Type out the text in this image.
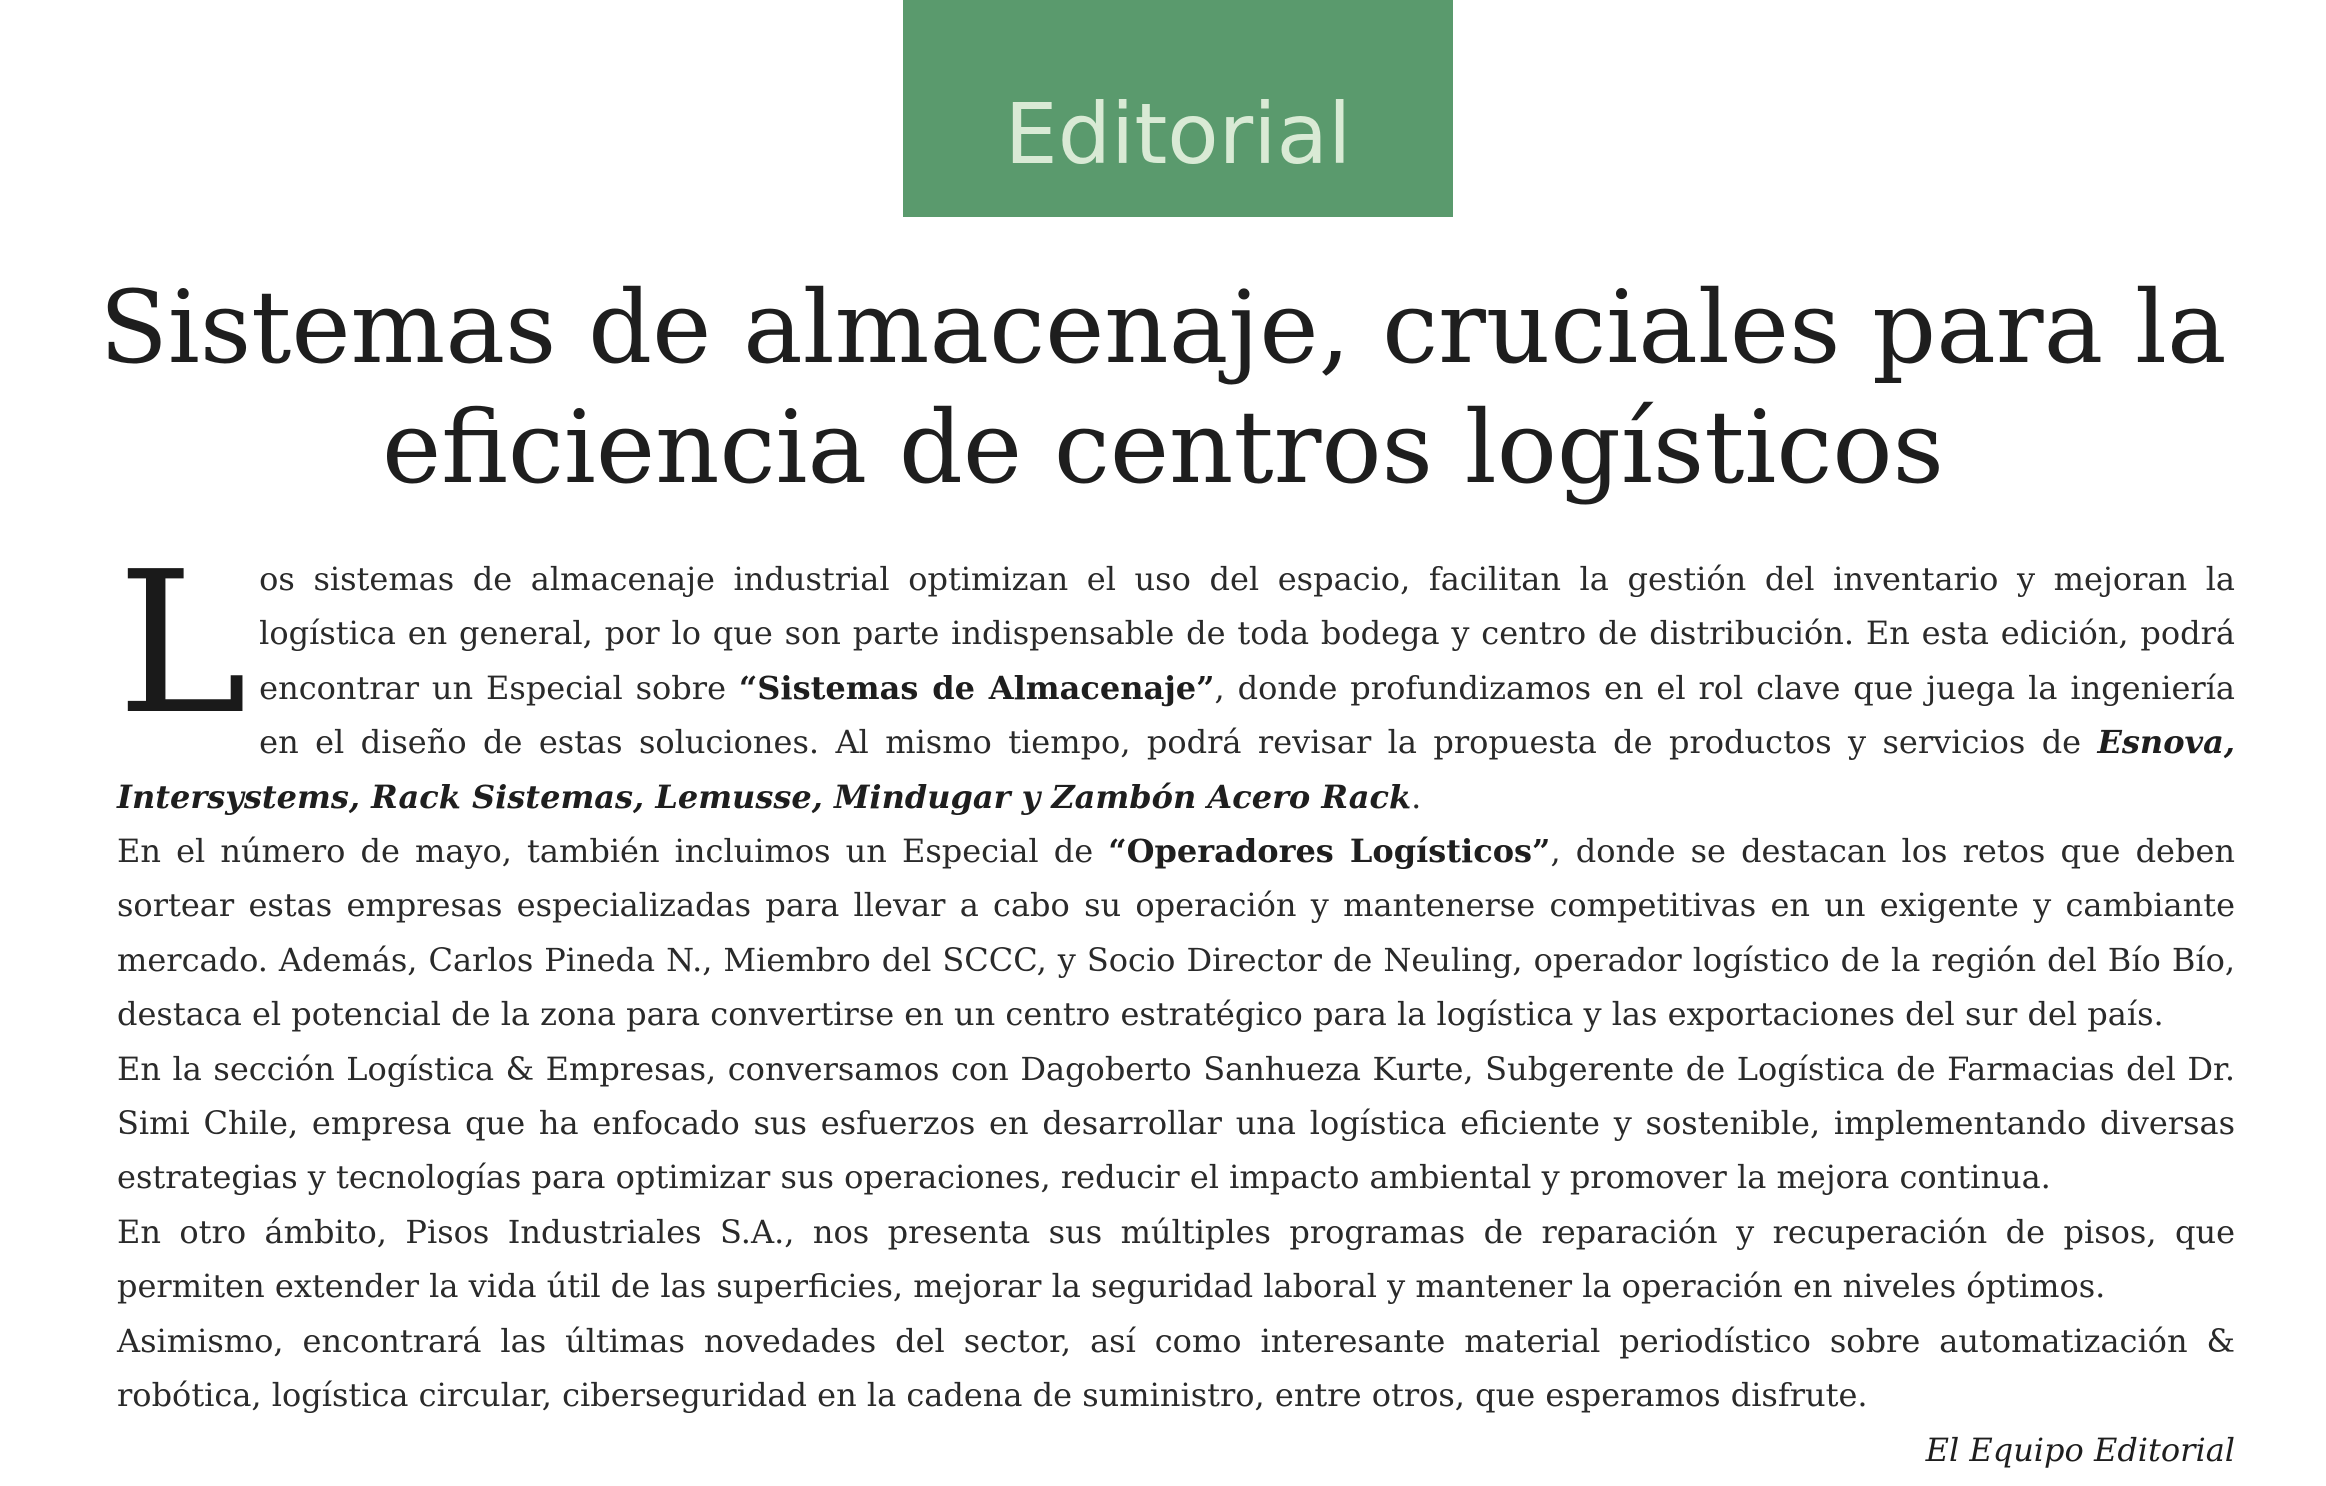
Editorial
Sistemas de almacenaje, cruciales para la
eficiencia de centros logísticos

Los sistemas de almacenaje industrial optimizan el uso del espacio, facilitan la gestión del inventario y mejoran la logística en general, por lo que son parte indispensable de toda bodega y centro de distribución. En esta edición, podrá encontrar un Especial sobre “Sistemas de Almacenaje”, donde profundizamos en el rol clave que juega la ingeniería en el diseño de estas soluciones. Al mismo tiempo, podrá revisar la propuesta de productos y servicios de Esnova, Intersystems, Rack Sistemas, Lemusse, Mindugar y Zambón Acero Rack.

En el número de mayo, también incluimos un Especial de “Operadores Logísticos”, donde se destacan los retos que deben sortear estas empresas especializadas para llevar a cabo su operación y mantenerse competitivas en un exigente y cambiante mercado. Además, Carlos Pineda N., Miembro del SCCC, y Socio Director de Neuling, operador logístico de la región del Bío Bío, destaca el potencial de la zona para convertirse en un centro estratégico para la logística y las exportaciones del sur del país.

En la sección Logística & Empresas, conversamos con Dagoberto Sanhueza Kurte, Subgerente de Logística de Farmacias del Dr. Simi Chile, empresa que ha enfocado sus esfuerzos en desarrollar una logística eficiente y sostenible, implementando diversas estrategias y tecnologías para optimizar sus operaciones, reducir el impacto ambiental y promover la mejora continua.

En otro ámbito, Pisos Industriales S.A., nos presenta sus múltiples programas de reparación y recuperación de pisos, que permiten extender la vida útil de las superficies, mejorar la seguridad laboral y mantener la operación en niveles óptimos.

Asimismo, encontrará las últimas novedades del sector, así como interesante material periodístico sobre automatización & robótica, logística circular, ciberseguridad en la cadena de suministro, entre otros, que esperamos disfrute.

El Equipo Editorial
